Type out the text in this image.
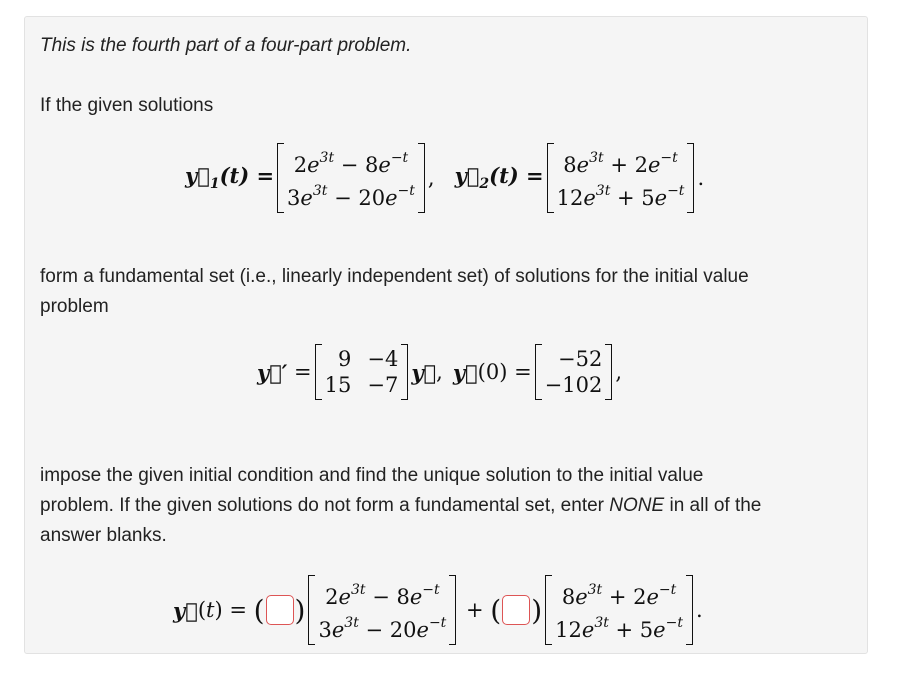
This is the fourth part of a four-part problem.
If the given solutions
$y⃗_1(t) = 2e^{3t} - 8e^{-t}$
$3e^{3t} - 20e^{-t}$
, $y⃗_2(t) = 8e^{3t} + 2e^{-t}$
$12e^{3t} + 5e^{-t}$
.
form a fundamental set (i.e., linearly independent set) of solutions for the initial value
problem
y⃗′ =
9 −4
15 −7
y⃗ , y⃗ (0) =
−52
−102
,
impose the given initial condition and find the unique solution to the initial value
problem. If the given solutions do not form a fundamental set, enter NONE in all of the
answer blanks.
y⃗ (t) = ( ) $2e^{3t} - 8e^{-t}$
$3e^{3t} - 20e^{-t}$
+ ( ) $8e^{3t} + 2e^{-t}$
$12e^{3t} + 5e^{-t}$
.
